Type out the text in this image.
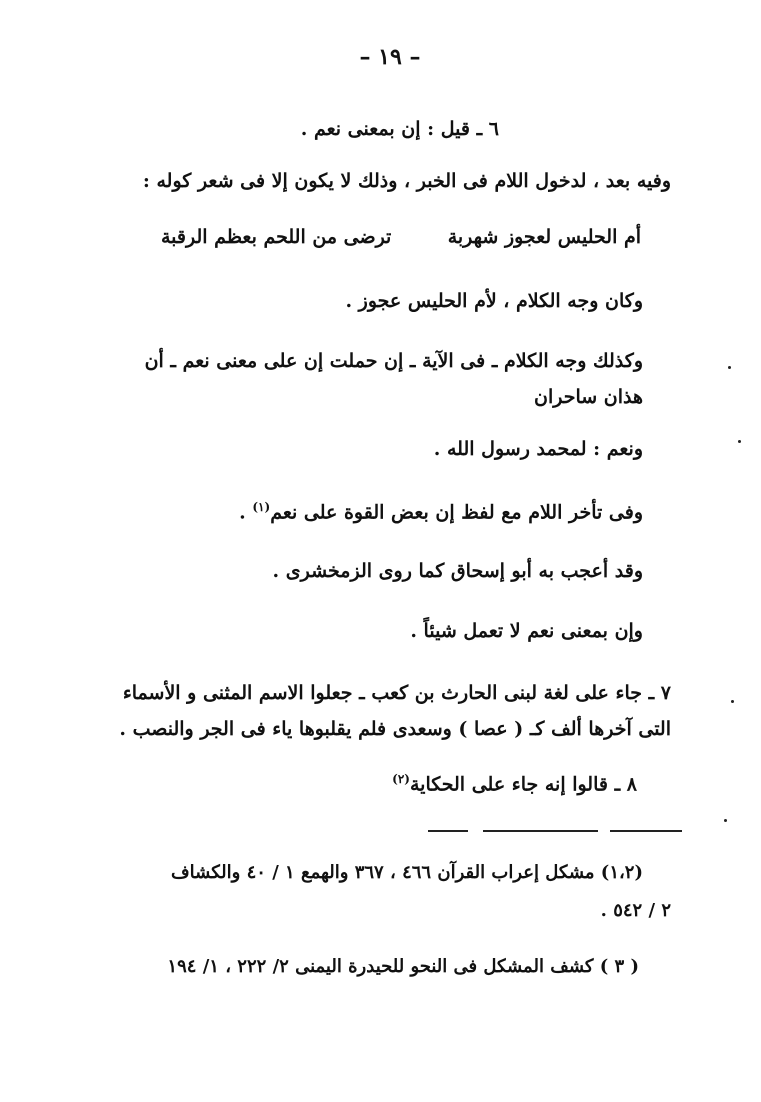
– ١٩ –
٦ ـ قيل : إن بمعنى نعم .
وفيه بعد ، لدخول اللام فى الخبر ، وذلك لا يكون إلا فى شعر كوله :
أم الحليس لعجوز شهربة
ترضى من اللحم بعظم الرقبة
وكان وجه الكلام ، لأم الحليس عجوز .
وكذلك وجه الكلام ـ فى الآية ـ إن حملت إن على معنى نعم ـ أن
هذان ساحران
ونعم : لمحمد رسول الله .
وفى تأخر اللام مع لفظ إن بعض القوة على نعم$^{(١)}$ .
وقد أعجب به أبو إسحاق كما روى الزمخشرى .
وإن بمعنى نعم لا تعمل شيئاً .
٧ ـ جاء على لغة لبنى الحارث بن كعب ـ جعلوا الاسم المثنى و الأسماء
التى آخرها ألف كـ ( عصا ) وسعدى فلم يقلبوها ياء فى الجر والنصب .
٨ ـ قالوا إنه جاء على الحكاية$^{(٢)}$
(١،٢) مشكل إعراب القرآن ٤٦٦ ، ٣٦٧ والهمع ١ / ٤٠ والكشاف
٢ / ٥٤٢ .
( ٣ ) كشف المشكل فى النحو للحيدرة اليمنى ٢/ ٢٢٢ ، ١/ ١٩٤
